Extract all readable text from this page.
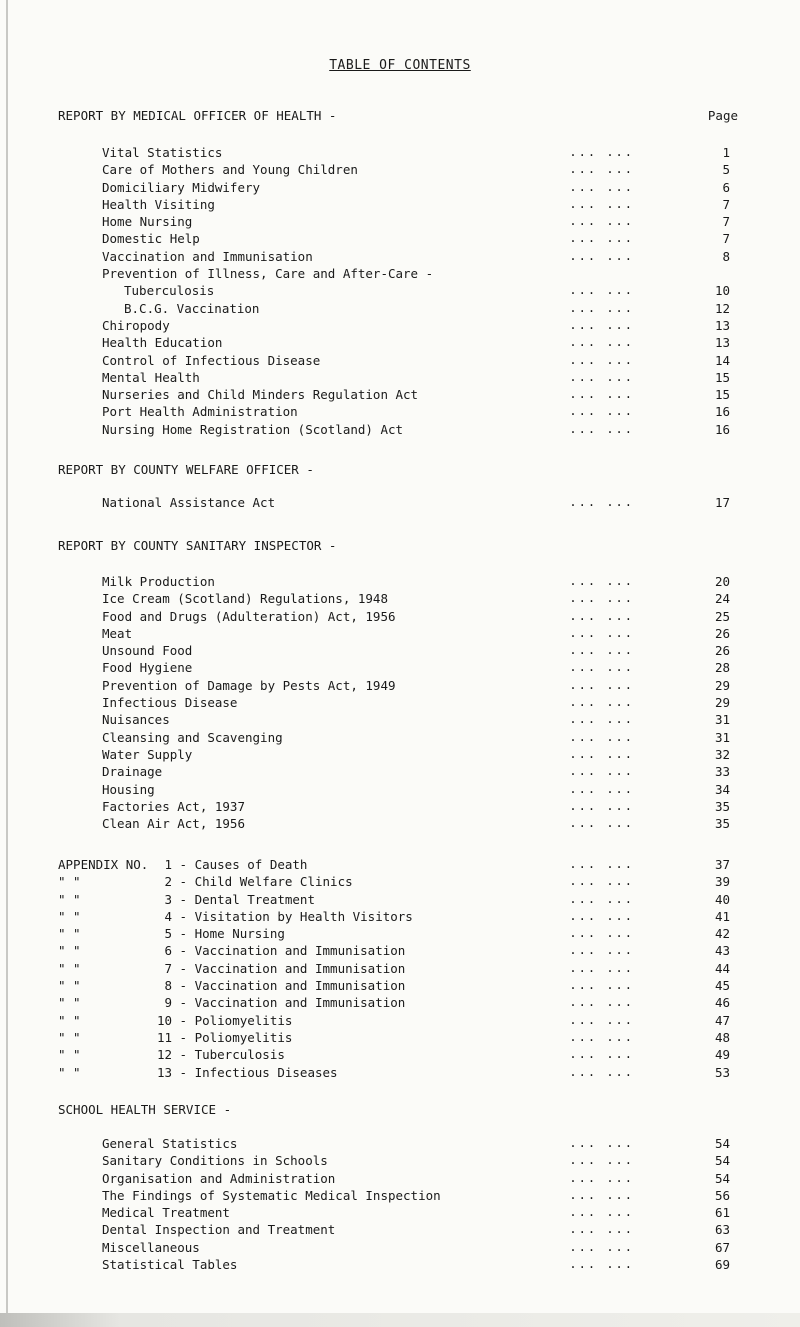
TABLE OF CONTENTS
REPORT BY MEDICAL OFFICER OF HEALTH -	Page
Vital Statistics	... ...	1
Care of Mothers and Young Children	... ...	5
Domiciliary Midwifery	... ...	6
Health Visiting	... ...	7
Home Nursing	... ...	7
Domestic Help	... ...	7
Vaccination and Immunisation	... ...	8
Prevention of Illness, Care and After-Care -
Tuberculosis	... ...	10
B.C.G. Vaccination	... ...	12
Chiropody	... ...	13
Health Education	... ...	13
Control of Infectious Disease	... ...	14
Mental Health	... ...	15
Nurseries and Child Minders Regulation Act	... ...	15
Port Health Administration	... ...	16
Nursing Home Registration (Scotland) Act	... ...	16
REPORT BY COUNTY WELFARE OFFICER -
National Assistance Act	... ...	17
REPORT BY COUNTY SANITARY INSPECTOR -
Milk Production	... ...	20
Ice Cream (Scotland) Regulations, 1948	... ...	24
Food and Drugs (Adulteration) Act, 1956	... ...	25
Meat	... ...	26
Unsound Food	... ...	26
Food Hygiene	... ...	28
Prevention of Damage by Pests Act, 1949	... ...	29
Infectious Disease	... ...	29
Nuisances	... ...	31
Cleansing and Scavenging	... ...	31
Water Supply	... ...	32
Drainage	... ...	33
Housing	... ...	34
Factories Act, 1937	... ...	35
Clean Air Act, 1956	... ...	35
APPENDIX NO. 1 - Causes of Death	... ...	37
" "	2 - Child Welfare Clinics	... ...	39
" "	3 - Dental Treatment	... ...	40
" "	4 - Visitation by Health Visitors	... ...	41
" "	5 - Home Nursing	... ...	42
" "	6 - Vaccination and Immunisation	... ...	43
" "	7 - Vaccination and Immunisation	... ...	44
" "	8 - Vaccination and Immunisation	... ...	45
" "	9 - Vaccination and Immunisation	... ...	46
" "	10 - Poliomyelitis	... ...	47
" "	11 - Poliomyelitis	... ...	48
" "	12 - Tuberculosis	... ...	49
" "	13 - Infectious Diseases	... ...	53
SCHOOL HEALTH SERVICE -
General Statistics	... ...	54
Sanitary Conditions in Schools	... ...	54
Organisation and Administration	... ...	54
The Findings of Systematic Medical Inspection	... ...	56
Medical Treatment	... ...	61
Dental Inspection and Treatment	... ...	63
Miscellaneous	... ...	67
Statistical Tables	... ...	69
